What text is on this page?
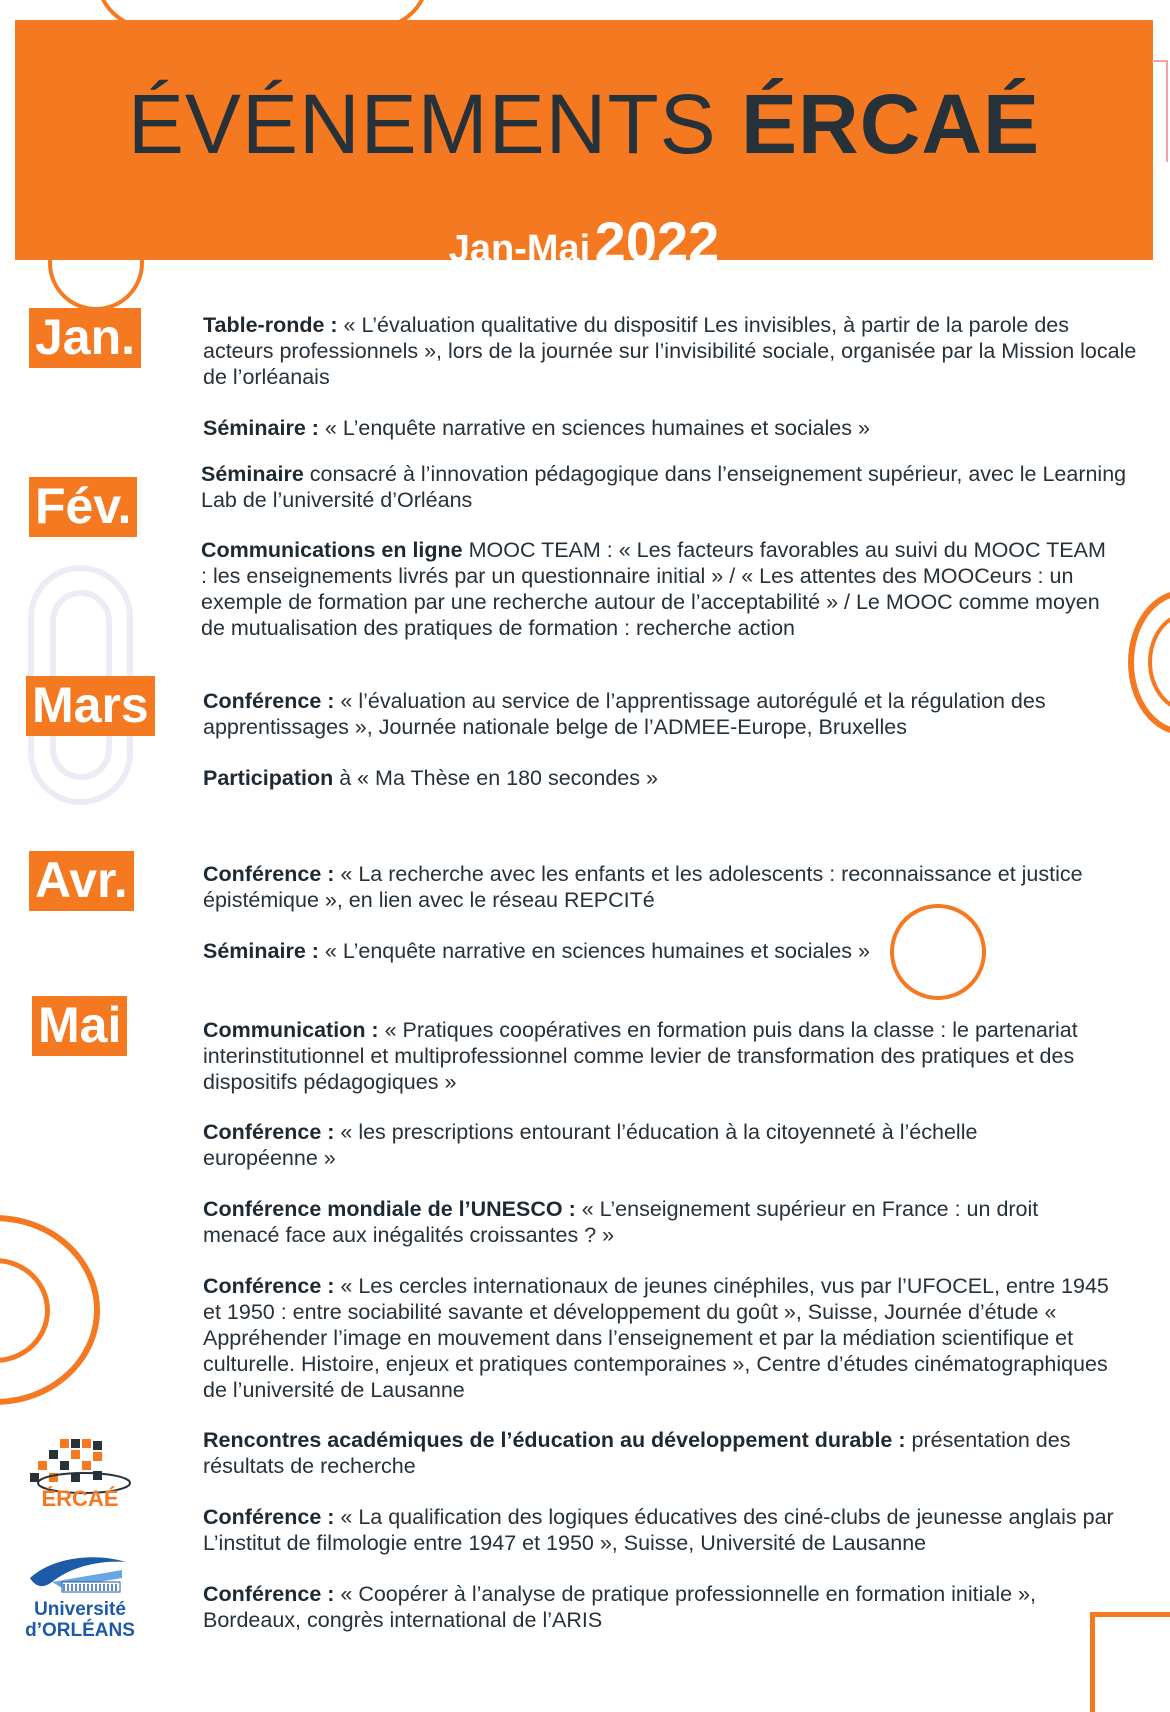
ÉVÉNEMENTS ÉRCAÉ
Jan-Mai 2022
Jan.
Fév.
Mars
Avr.
Mai
Table-ronde : « L’évaluation qualitative du dispositif Les invisibles, à partir de la parole des acteurs professionnels », lors de la journée sur l’invisibilité sociale, organisée par la Mission locale de l’orléanais
Séminaire : « L’enquête narrative en sciences humaines et sociales »
Séminaire consacré à l’innovation pédagogique dans l’enseignement supérieur, avec le Learning Lab de l’université d’Orléans
Communications en ligne MOOC TEAM : « Les facteurs favorables au suivi du MOOC TEAM : les enseignements livrés par un questionnaire initial » / « Les attentes des MOOCeurs : un exemple de formation par une recherche autour de l’acceptabilité » / Le MOOC comme moyen de mutualisation des pratiques de formation : recherche action
Conférence : « l’évaluation au service de l’apprentissage autorégulé et la régulation des apprentissages », Journée nationale belge de l’ADMEE-Europe, Bruxelles
Participation à « Ma Thèse en 180 secondes »
Conférence : « La recherche avec les enfants et les adolescents : reconnaissance et justice épistémique », en lien avec le réseau REPCITé
Séminaire : « L’enquête narrative en sciences humaines et sociales »
Communication : « Pratiques coopératives en formation puis dans la classe : le partenariat interinstitutionnel et multiprofessionnel comme levier de transformation des pratiques et des dispositifs pédagogiques »
Conférence : « les prescriptions entourant l’éducation à la citoyenneté à l’échelle européenne »
Conférence mondiale de l’UNESCO : « L’enseignement supérieur en France : un droit menacé face aux inégalités croissantes ? »
Conférence : « Les cercles internationaux de jeunes cinéphiles, vus par l’UFOCEL, entre 1945 et 1950 : entre sociabilité savante et développement du goût », Suisse, Journée d’étude « Appréhender l’image en mouvement dans l’enseignement et par la médiation scientifique et culturelle. Histoire, enjeux et pratiques contemporaines », Centre d’études cinématographiques de l’université de Lausanne
Rencontres académiques de l’éducation au développement durable : présentation des résultats de recherche
Conférence : « La qualification des logiques éducatives des ciné-clubs de jeunesse anglais par L’institut de filmologie entre 1947 et 1950 », Suisse, Université de Lausanne
Conférence : « Coopérer à l’analyse de pratique professionnelle en formation initiale », Bordeaux, congrès international de l’ARIS
ÉRCAÉ
Université
d’ORLÉANS
